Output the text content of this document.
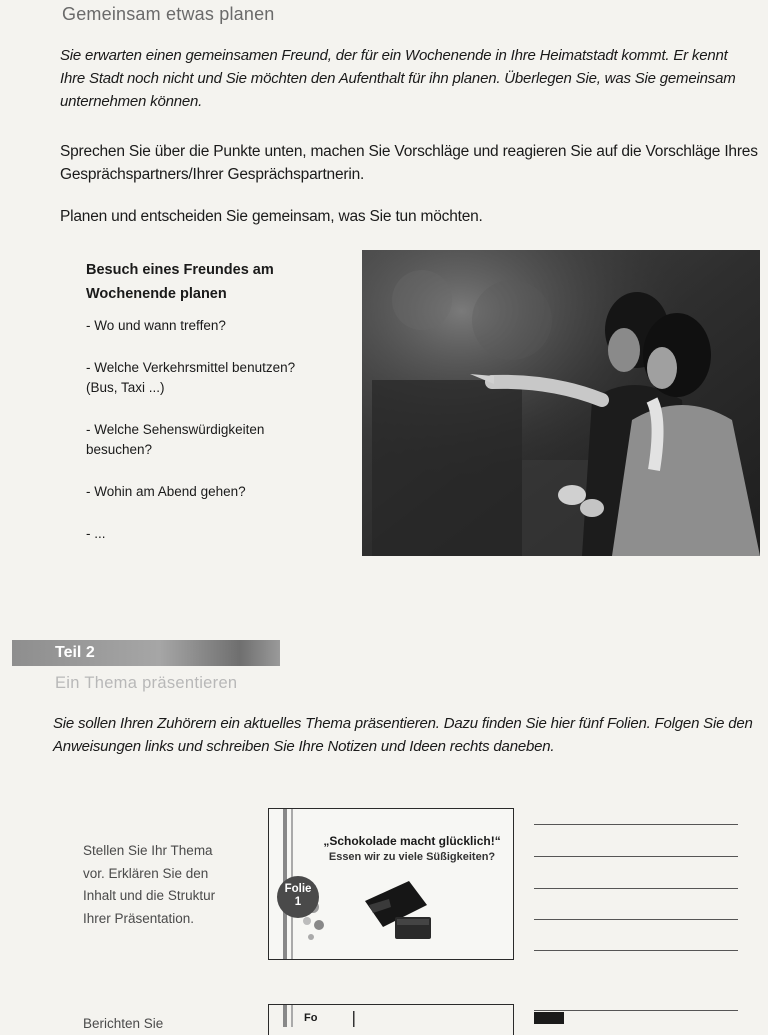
Gemeinsam etwas planen
Sie erwarten einen gemeinsamen Freund, der für ein Wochenende in Ihre Heimatstadt kommt. Er kennt Ihre Stadt noch nicht und Sie möchten den Aufenthalt für ihn planen. Überlegen Sie, was Sie gemeinsam unternehmen können.
Sprechen Sie über die Punkte unten, machen Sie Vorschläge und reagieren Sie auf die Vorschläge Ihres Gesprächspartners/Ihrer Gesprächspartnerin.
Planen und entscheiden Sie gemeinsam, was Sie tun möchten.
Besuch eines Freundes am
Wochenende planen
- Wo und wann treffen?
- Welche Verkehrsmittel benutzen?
(Bus, Taxi ...)
- Welche Sehenswürdigkeiten
besuchen?
- Wohin am Abend gehen?
- ...
Teil 2
Ein Thema präsentieren
Sie sollen Ihren Zuhörern ein aktuelles Thema präsentieren. Dazu finden Sie hier fünf Folien. Folgen Sie den Anweisungen links und schreiben Sie Ihre Notizen und Ideen rechts daneben.
Stellen Sie Ihr Thema vor. Erklären Sie den Inhalt und die Struktur Ihrer Präsentation.
„Schokolade macht glücklich!“
Essen wir zu viele Süßigkeiten?
Folie
1
Fo
Berichten Sie
